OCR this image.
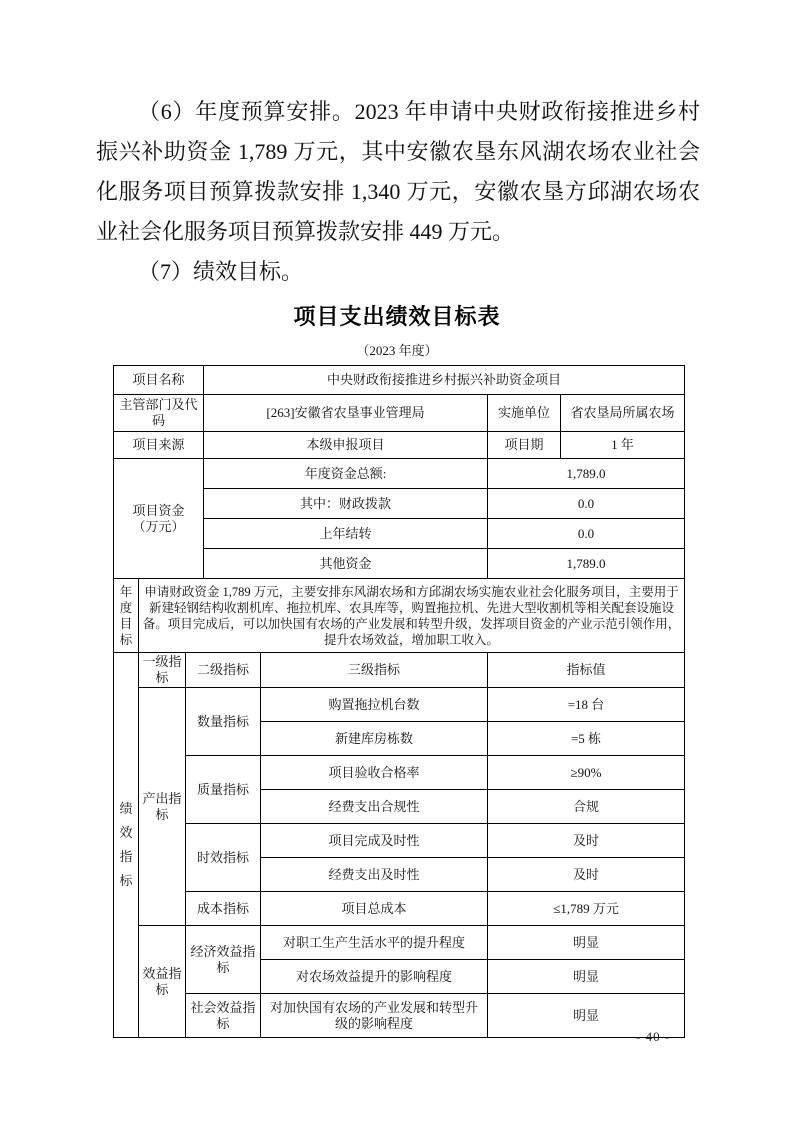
（6）年度预算安排。2023 年申请中央财政衔接推进乡村振兴补助资金 1,789 万元，其中安徽农垦东风湖农场农业社会化服务项目预算拨款安排 1,340 万元，安徽农垦方邱湖农场农业社会化服务项目预算拨款安排 449 万元。

（7）绩效目标。

项目支出绩效目标表
（2023 年度）
项目名称			中央财政衔接推进乡村振兴补助资金项目			
主管部门及代码			[263]安徽省农垦事业管理局		实施单位	省农垦局所属农场
项目来源			本级申报项目		项目期	1 年

项目资金
（万元）			年度资金总额:		1,789.0	
			其中：财政拨款		0.0	
			上年结转		0.0	
			其他资金		1,789.0	
年度目标	申请财政资金 1,789 万元，主要安排东风湖农场和方邱湖农场实施农业社会化服务项目，主要用于新建轻钢结构收割机库、拖拉机库、农具库等，购置拖拉机、先进大型收割机等相关配套设施设备。项目完成后，可以加快国有农场的产业发展和转型升级，发挥项目资金的产业示范引领作用，提升农场效益，增加职工收入。					
绩效指标	一级指标	二级指标		三级指标	指标值	
	产出指标	数量指标		购置拖拉机台数	=18 台	
				新建库房栋数	=5 栋	
		质量指标		项目验收合格率	≥90%	
				经费支出合规性	合规	
		时效指标		项目完成及时性	及时	
				经费支出及时性	及时	
		成本指标		项目总成本	≤1,789 万元	
	效益指标	经济效益指标		对职工生产生活水平的提升程度	明显	
				对农场效益提升的影响程度	明显	
		社会效益指标		对加快国有农场的产业发展和转型升级的影响程度	明显	
- 40 -
